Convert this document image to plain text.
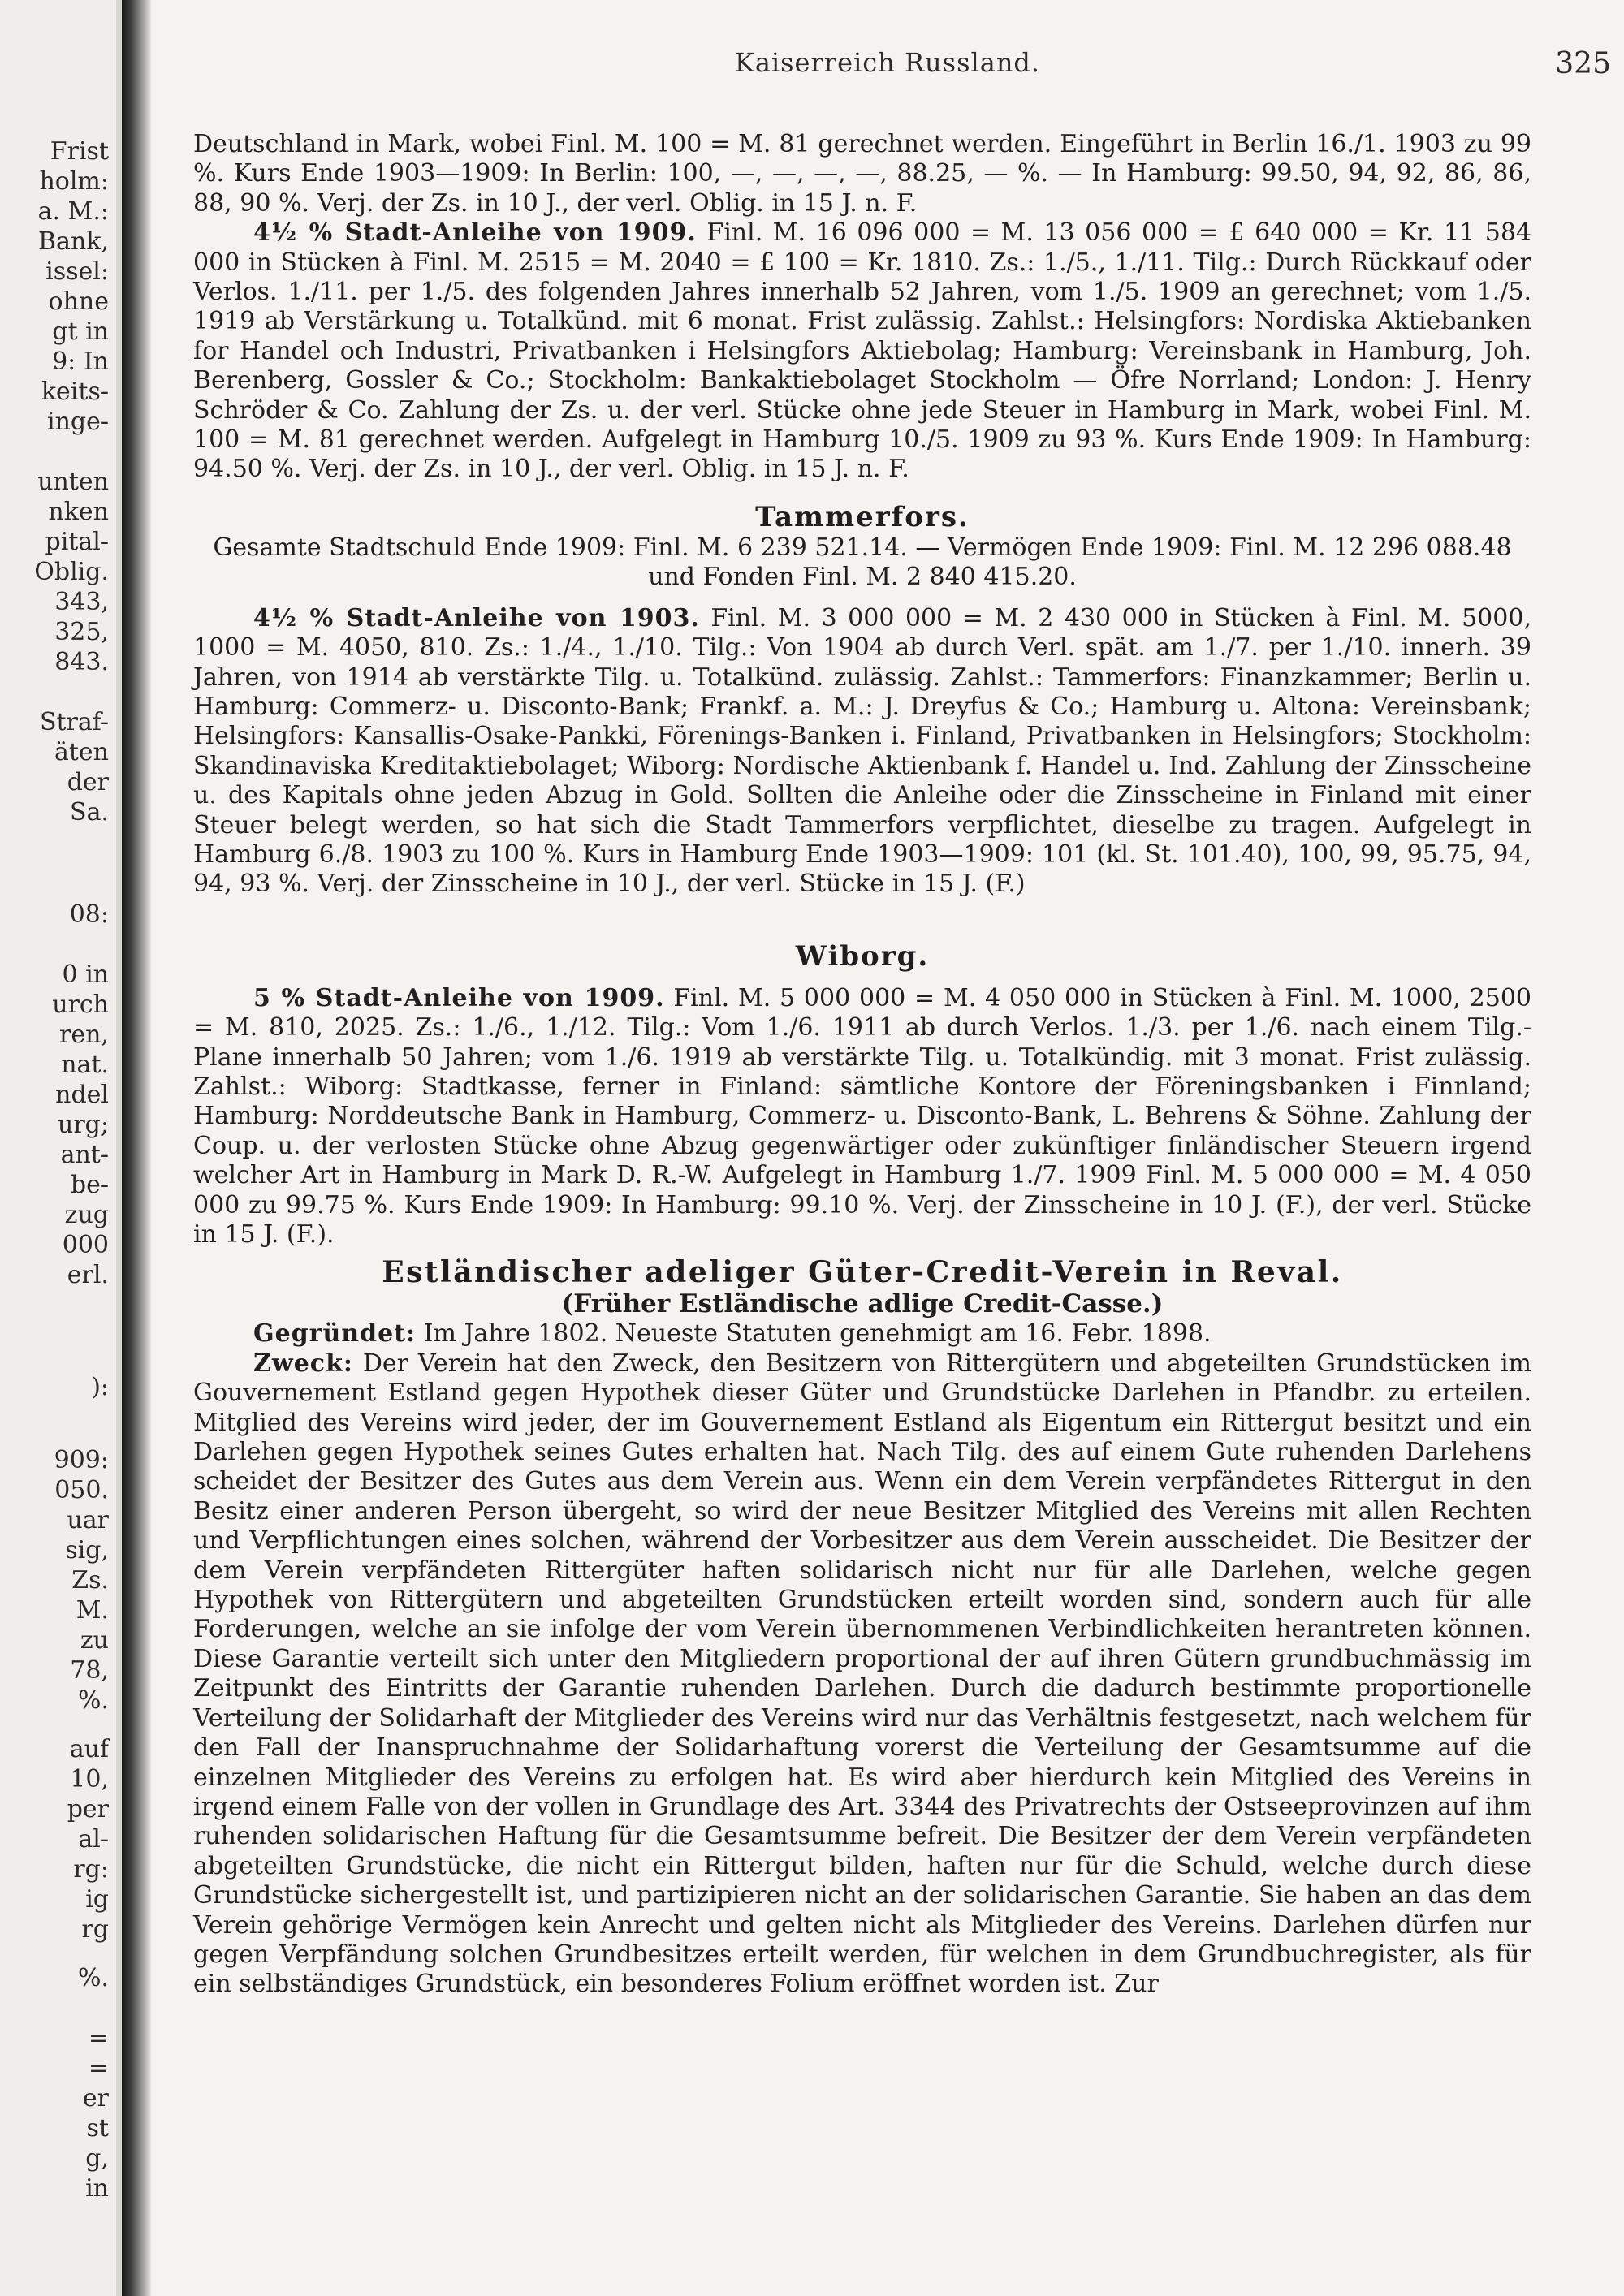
Frist
holm:
a. M.:
Bank,
issel:
ohne
gt in
9: In
keits-
inge-
unten
nken
pital-
Oblig.
343,
325,
843.
Straf-
äten
der
Sa.
08:
0 in
urch
ren,
nat.
ndel
urg;
ant-
be-
zug
000
erl.
):
909:
050.
uar
sig,
Zs.
M.
zu
78,
%.
auf
10,
per
al-
rg:
ig
rg
%.
=
=
er
st
g,
in
Kaiserreich Russland.	325

Deutschland in Mark, wobei Finl. M. 100 = M. 81 gerechnet werden. Eingeführt in Berlin 16./1. 1903 zu 99 %. Kurs Ende 1903—1909: In Berlin: 100, —, —, —, —, 88.25, — %. — In Hamburg: 99.50, 94, 92, 86, 86, 88, 90 %. Verj. der Zs. in 10 J., der verl. Oblig. in 15 J. n. F.

4½ % Stadt-Anleihe von 1909. Finl. M. 16 096 000 = M. 13 056 000 = £ 640 000 = Kr. 11 584 000 in Stücken à Finl. M. 2515 = M. 2040 = £ 100 = Kr. 1810. Zs.: 1./5., 1./11. Tilg.: Durch Rückkauf oder Verlos. 1./11. per 1./5. des folgenden Jahres innerhalb 52 Jahren, vom 1./5. 1909 an gerechnet; vom 1./5. 1919 ab Verstärkung u. Totalkünd. mit 6 monat. Frist zulässig. Zahlst.: Helsingfors: Nordiska Aktiebanken for Handel och Industri, Privatbanken i Helsingfors Aktiebolag; Hamburg: Vereinsbank in Hamburg, Joh. Berenberg, Gossler & Co.; Stockholm: Bankaktiebolaget Stockholm — Öfre Norrland; London: J. Henry Schröder & Co. Zahlung der Zs. u. der verl. Stücke ohne jede Steuer in Hamburg in Mark, wobei Finl. M. 100 = M. 81 gerechnet werden. Aufgelegt in Hamburg 10./5. 1909 zu 93 %. Kurs Ende 1909: In Hamburg: 94.50 %. Verj. der Zs. in 10 J., der verl. Oblig. in 15 J. n. F.

Tammerfors.

Gesamte Stadtschuld Ende 1909: Finl. M. 6 239 521.14. — Vermögen Ende 1909: Finl. M. 12 296 088.48

und Fonden Finl. M. 2 840 415.20.

4½ % Stadt-Anleihe von 1903. Finl. M. 3 000 000 = M. 2 430 000 in Stücken à Finl. M. 5000, 1000 = M. 4050, 810. Zs.: 1./4., 1./10. Tilg.: Von 1904 ab durch Verl. spät. am 1./7. per 1./10. innerh. 39 Jahren, von 1914 ab verstärkte Tilg. u. Totalkünd. zulässig. Zahlst.: Tammerfors: Finanzkammer; Berlin u. Hamburg: Commerz- u. Disconto-Bank; Frankf. a. M.: J. Dreyfus & Co.; Hamburg u. Altona: Vereinsbank; Helsingfors: Kansallis-Osake-Pankki, Förenings-Banken i. Finland, Privatbanken in Helsingfors; Stockholm: Skandinaviska Kreditaktiebolaget; Wiborg: Nordische Aktienbank f. Handel u. Ind. Zahlung der Zinsscheine u. des Kapitals ohne jeden Abzug in Gold. Sollten die Anleihe oder die Zinsscheine in Finland mit einer Steuer belegt werden, so hat sich die Stadt Tammerfors verpflichtet, dieselbe zu tragen. Aufgelegt in Hamburg 6./8. 1903 zu 100 %. Kurs in Hamburg Ende 1903—1909: 101 (kl. St. 101.40), 100, 99, 95.75, 94, 94, 93 %. Verj. der Zinsscheine in 10 J., der verl. Stücke in 15 J. (F.)

Wiborg.

5 % Stadt-Anleihe von 1909. Finl. M. 5 000 000 = M. 4 050 000 in Stücken à Finl. M. 1000, 2500 = M. 810, 2025. Zs.: 1./6., 1./12. Tilg.: Vom 1./6. 1911 ab durch Verlos. 1./3. per 1./6. nach einem Tilg.-Plane innerhalb 50 Jahren; vom 1./6. 1919 ab verstärkte Tilg. u. Totalkündig. mit 3 monat. Frist zulässig. Zahlst.: Wiborg: Stadtkasse, ferner in Finland: sämtliche Kontore der Föreningsbanken i Finnland; Hamburg: Norddeutsche Bank in Hamburg, Commerz- u. Disconto-Bank, L. Behrens & Söhne. Zahlung der Coup. u. der verlosten Stücke ohne Abzug gegenwärtiger oder zukünftiger finländischer Steuern irgend welcher Art in Hamburg in Mark D. R.-W. Aufgelegt in Hamburg 1./7. 1909 Finl. M. 5 000 000 = M. 4 050 000 zu 99.75 %. Kurs Ende 1909: In Hamburg: 99.10 %. Verj. der Zinsscheine in 10 J. (F.), der verl. Stücke in 15 J. (F.).

Estländischer adeliger Güter-Credit-Verein in Reval.

(Früher Estländische adlige Credit-Casse.)

Gegründet: Im Jahre 1802. Neueste Statuten genehmigt am 16. Febr. 1898.

Zweck: Der Verein hat den Zweck, den Besitzern von Rittergütern und abgeteilten Grundstücken im Gouvernement Estland gegen Hypothek dieser Güter und Grundstücke Darlehen in Pfandbr. zu erteilen. Mitglied des Vereins wird jeder, der im Gouvernement Estland als Eigentum ein Rittergut besitzt und ein Darlehen gegen Hypothek seines Gutes erhalten hat. Nach Tilg. des auf einem Gute ruhenden Darlehens scheidet der Besitzer des Gutes aus dem Verein aus. Wenn ein dem Verein verpfändetes Rittergut in den Besitz einer anderen Person übergeht, so wird der neue Besitzer Mitglied des Vereins mit allen Rechten und Verpflichtungen eines solchen, während der Vorbesitzer aus dem Verein ausscheidet. Die Besitzer der dem Verein verpfändeten Rittergüter haften solidarisch nicht nur für alle Darlehen, welche gegen Hypothek von Rittergütern und abgeteilten Grundstücken erteilt worden sind, sondern auch für alle Forderungen, welche an sie infolge der vom Verein übernommenen Verbindlichkeiten herantreten können. Diese Garantie verteilt sich unter den Mitgliedern proportional der auf ihren Gütern grundbuchmässig im Zeitpunkt des Eintritts der Garantie ruhenden Darlehen. Durch die dadurch bestimmte proportionelle Verteilung der Solidarhaft der Mitglieder des Vereins wird nur das Verhältnis festgesetzt, nach welchem für den Fall der Inanspruchnahme der Solidarhaftung vorerst die Verteilung der Gesamtsumme auf die einzelnen Mitglieder des Vereins zu erfolgen hat. Es wird aber hierdurch kein Mitglied des Vereins in irgend einem Falle von der vollen in Grundlage des Art. 3344 des Privatrechts der Ostseeprovinzen auf ihm ruhenden solidarischen Haftung für die Gesamtsumme befreit. Die Besitzer der dem Verein verpfändeten abgeteilten Grundstücke, die nicht ein Rittergut bilden, haften nur für die Schuld, welche durch diese Grundstücke sichergestellt ist, und partizipieren nicht an der solidarischen Garantie. Sie haben an das dem Verein gehörige Vermögen kein Anrecht und gelten nicht als Mitglieder des Vereins. Darlehen dürfen nur gegen Verpfändung solchen Grundbesitzes erteilt werden, für welchen in dem Grundbuchregister, als für ein selbständiges Grundstück, ein besonderes Folium eröffnet worden ist. Zur
